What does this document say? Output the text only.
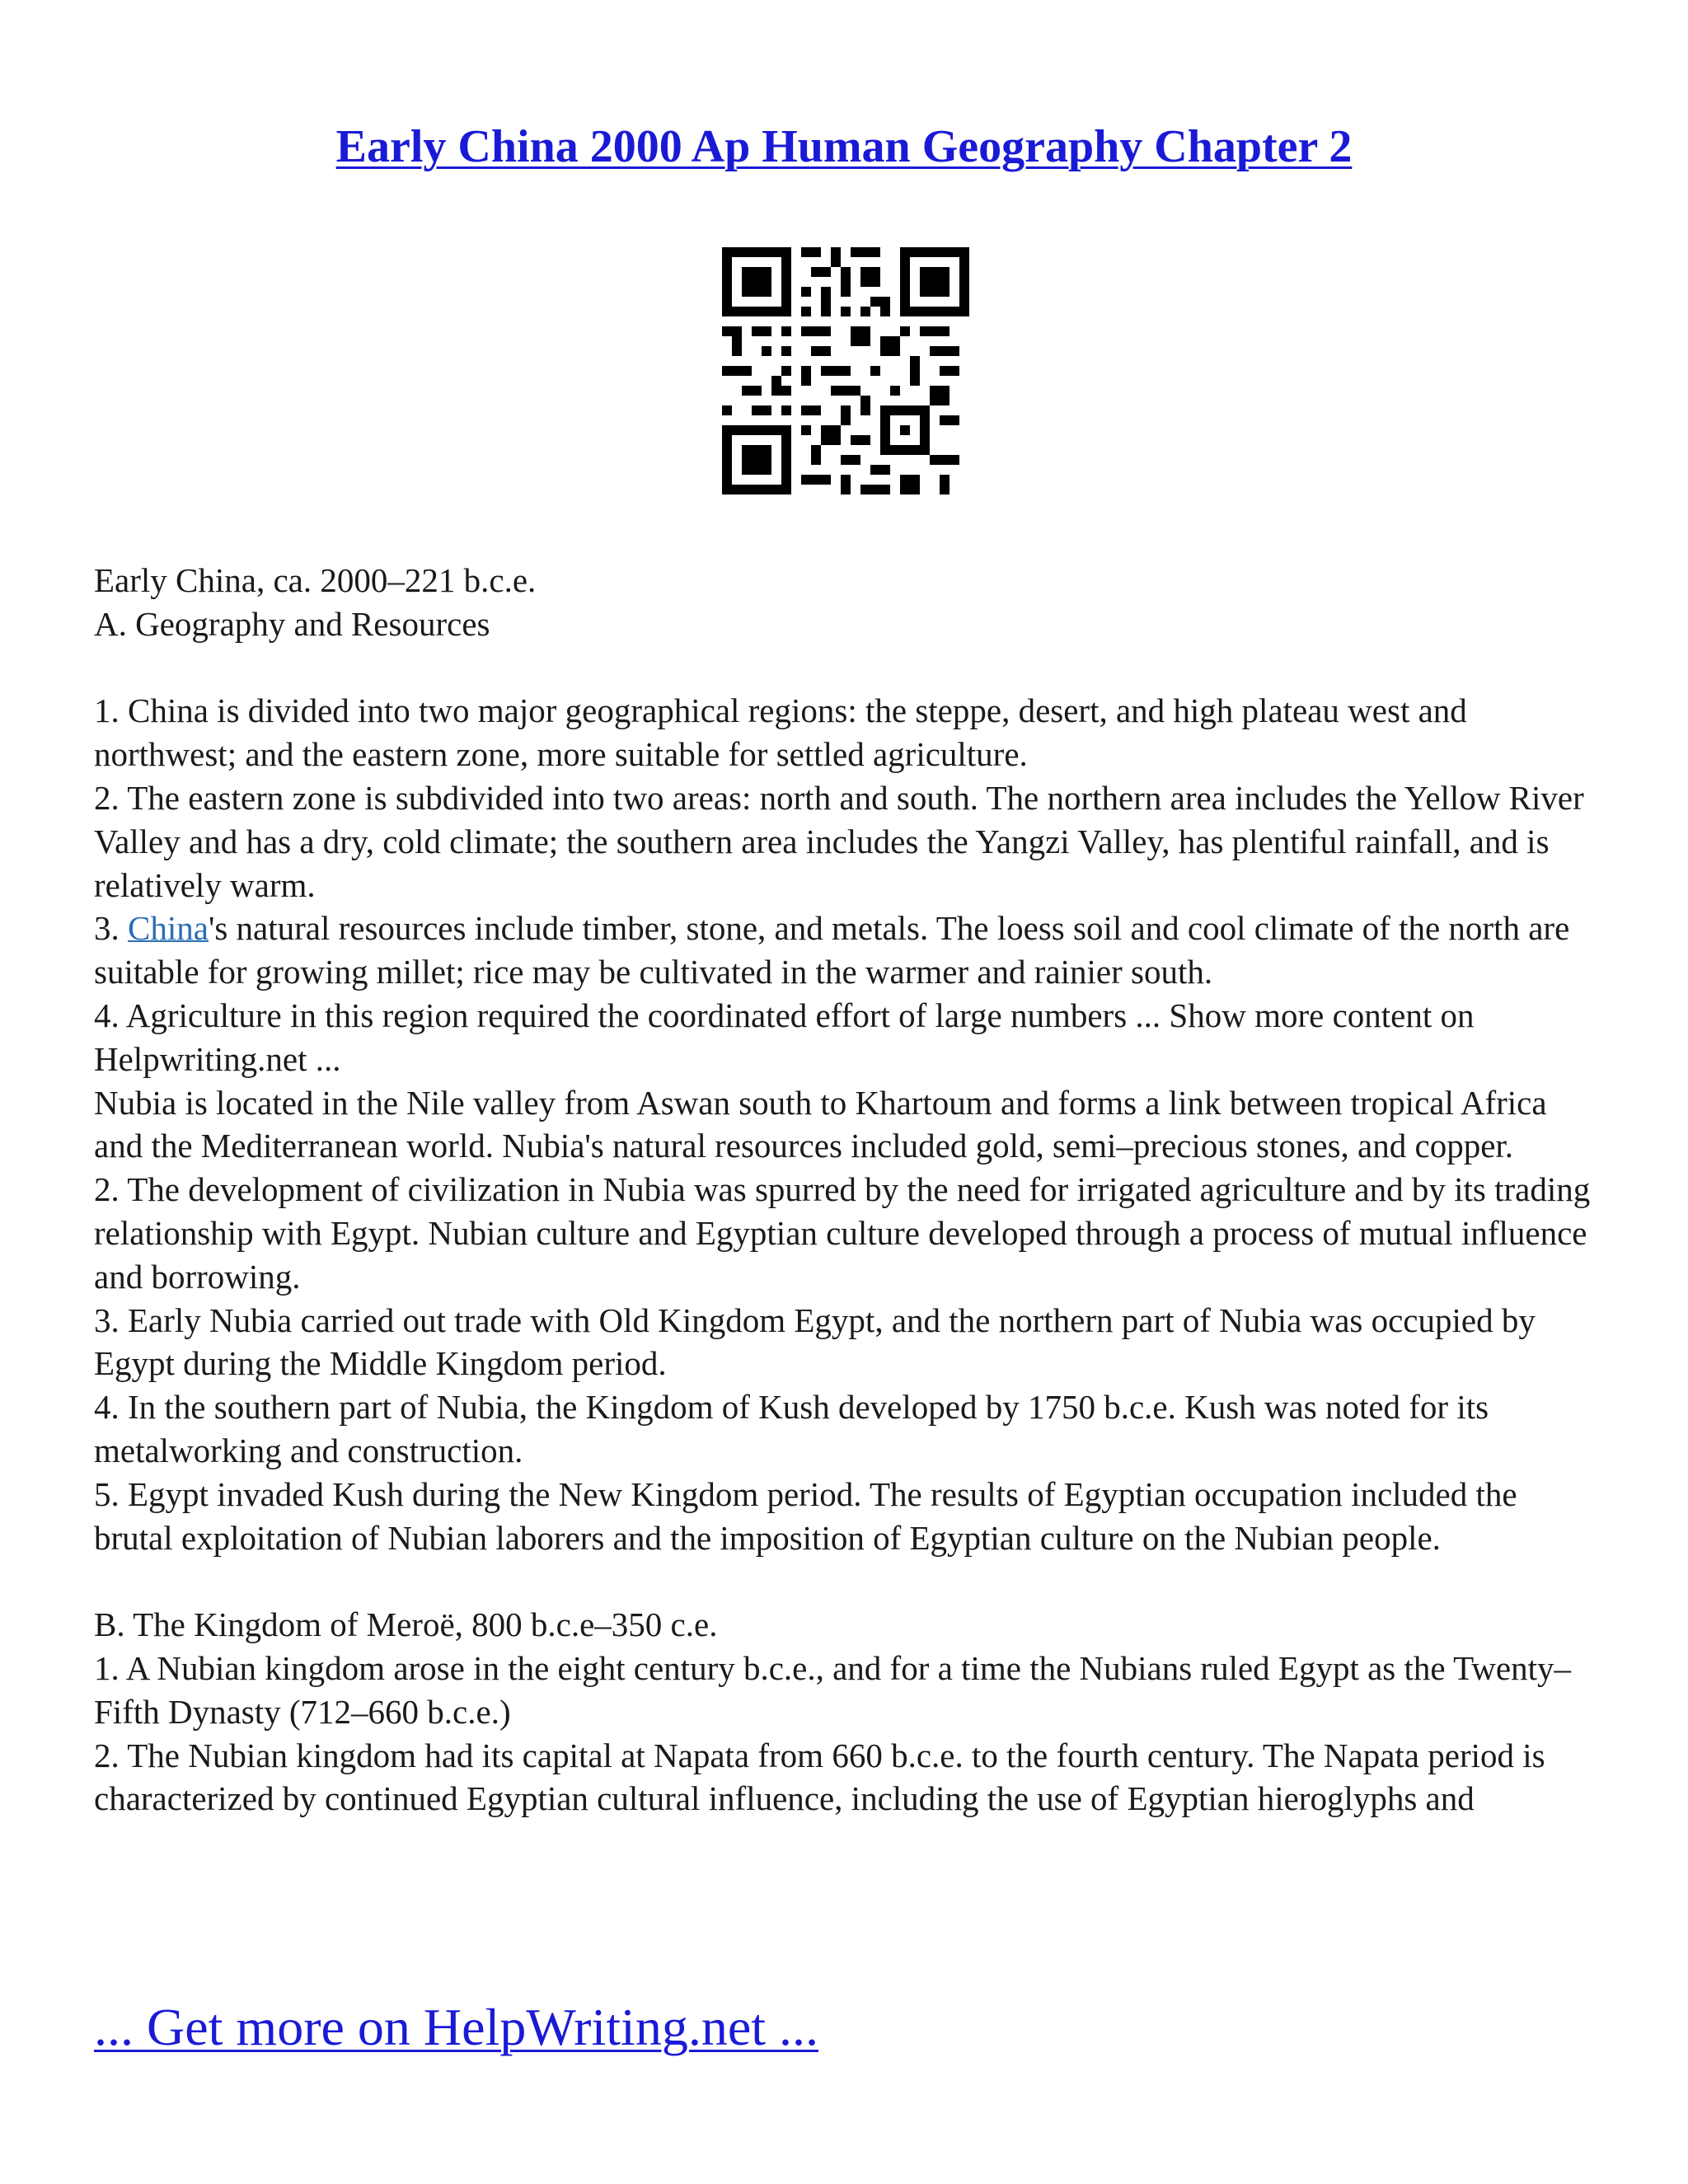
Early China 2000 Ap Human Geography Chapter 2

Early China, ca. 2000–221 b.c.e.

A. Geography and Resources

1. China is divided into two major geographical regions: the steppe, desert, and high plateau west and northwest; and the eastern zone, more suitable for settled agriculture.

2. The eastern zone is subdivided into two areas: north and south. The northern area includes the Yellow River Valley and has a dry, cold climate; the southern area includes the Yangzi Valley, has plentiful rainfall, and is relatively warm.

3. China's natural resources include timber, stone, and metals. The loess soil and cool climate of the north are suitable for growing millet; rice may be cultivated in the warmer and rainier south.

4. Agriculture in this region required the coordinated effort of large numbers ... Show more content on Helpwriting.net ...

Nubia is located in the Nile valley from Aswan south to Khartoum and forms a link between tropical Africa and the Mediterranean world. Nubia's natural resources included gold, semi–precious stones, and copper.

2. The development of civilization in Nubia was spurred by the need for irrigated agriculture and by its trading relationship with Egypt. Nubian culture and Egyptian culture developed through a process of mutual influence and borrowing.

3. Early Nubia carried out trade with Old Kingdom Egypt, and the northern part of Nubia was occupied by Egypt during the Middle Kingdom period.

4. In the southern part of Nubia, the Kingdom of Kush developed by 1750 b.c.e. Kush was noted for its metalworking and construction.

5. Egypt invaded Kush during the New Kingdom period. The results of Egyptian occupation included the brutal exploitation of Nubian laborers and the imposition of Egyptian culture on the Nubian people.

B. The Kingdom of Meroë, 800 b.c.e–350 c.e.

1. A Nubian kingdom arose in the eight century b.c.e., and for a time the Nubians ruled Egypt as the Twenty–Fifth Dynasty (712–660 b.c.e.)

2. The Nubian kingdom had its capital at Napata from 660 b.c.e. to the fourth century. The Napata period is characterized by continued Egyptian cultural influence, including the use of Egyptian hieroglyphs and

... Get more on HelpWriting.net ...
